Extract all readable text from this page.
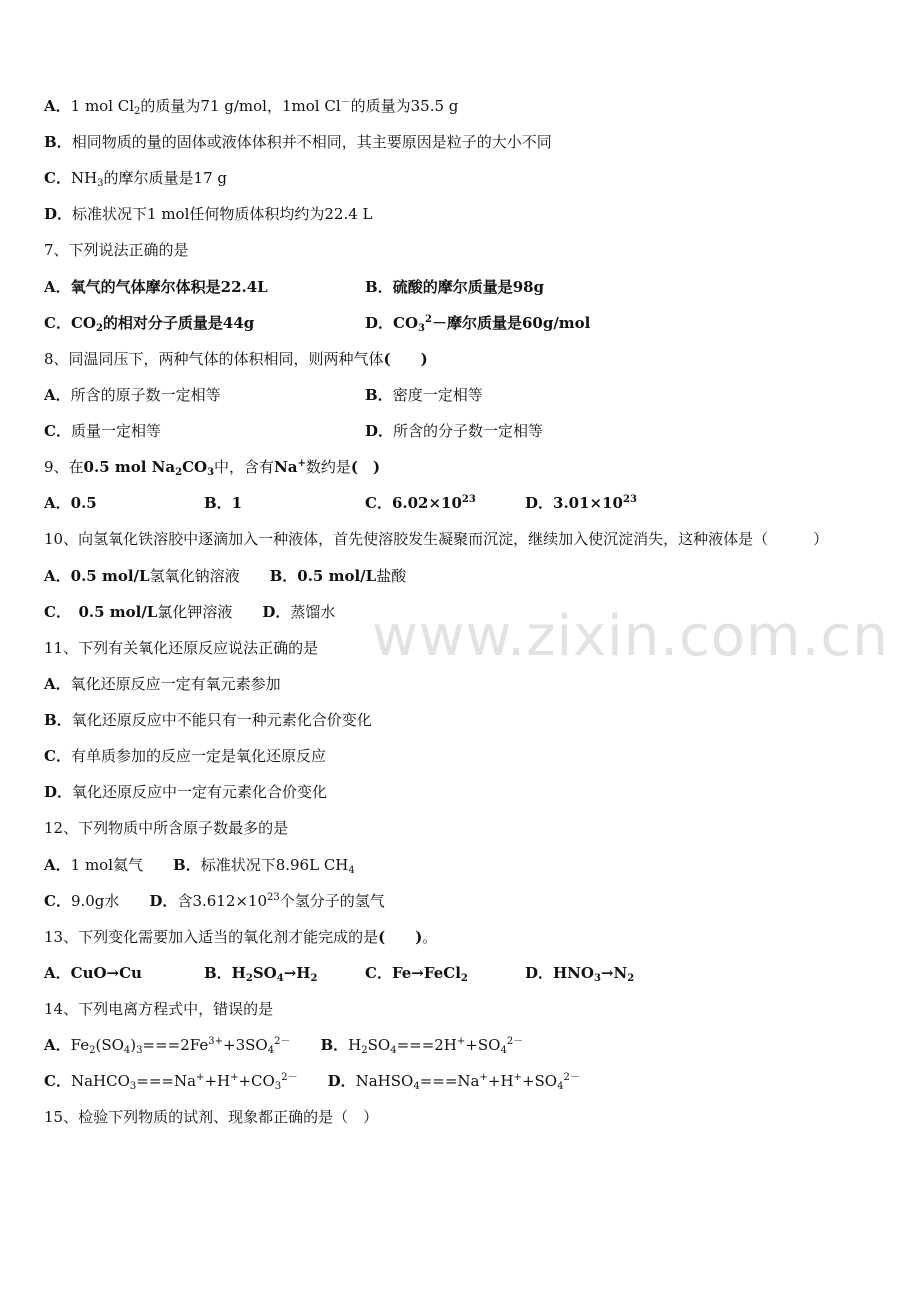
www.zixin.com.cn
A．1 mol $Cl_2$的质量为71 g/mol，1mol Cl－的质量为35.5 g
B．相同物质的量的固体或液体体积并不相同，其主要原因是粒子的大小不同
C．$NH_3$的摩尔质量是17 g
D．标准状况下1 mol任何物质体积均约为22.4 L
7、下列说法正确的是
A．氧气的气体摩尔体积是22.4L	B．硫酸的摩尔质量是98g
C．$CO_2$的相对分子质量是44g	D．$CO_3^2-$摩尔质量是60g/mol
8、同温同压下，两种气体的体积相同，则两种气体(　　)
A．所含的原子数一定相等	B．密度一定相等
C．质量一定相等	D．所含的分子数一定相等
9、在0.5 mol $Na_2CO_3$中，含有Na+数约是(　)
A．0.5	B．1	C．$6.02\times 10^{23}$	D．$3.01\times 10^{23}$
10、向氢氧化铁溶胶中逐滴加入一种液体，首先使溶胶发生凝聚而沉淀，继续加入使沉淀消失，这种液体是（　　　）
A．0.5 mol/L氢氧化钠溶液　　B．0.5 mol/L盐酸
C．　0.5 mol/L氯化钾溶液　　D．蒸馏水
11、下列有关氧化还原反应说法正确的是
A．氧化还原反应一定有氧元素参加
B．氧化还原反应中不能只有一种元素化合价变化
C．有单质参加的反应一定是氧化还原反应
D．氧化还原反应中一定有元素化合价变化
12、下列物质中所含原子数最多的是
A．1 mol氦气　　B．标准状况下8.96L $CH_4$
C．9.0g水　　D．含$3.612\times 10^{23}$个氢分子的氢气
13、下列变化需要加入适当的氧化剂才能完成的是(　　)。
A．CuO→Cu	B．$H_2SO_4\to H_2$	C．Fe→FeCl$_2$	D．$HNO_3\to N_2$
14、下列电离方程式中，错误的是
A．$Fe_2(SO_4)_3===2Fe^{3+}+3SO_4^{2-}$　　 B．$H_2SO_4===2H^++SO_4^{2-}$
C．$NaHCO_3===Na^++H^++CO_3^{2-}$　　 D．$NaHSO_4===Na^++H^++SO_4^{2-}$
15、检验下列物质的试剂、现象都正确的是（　）
